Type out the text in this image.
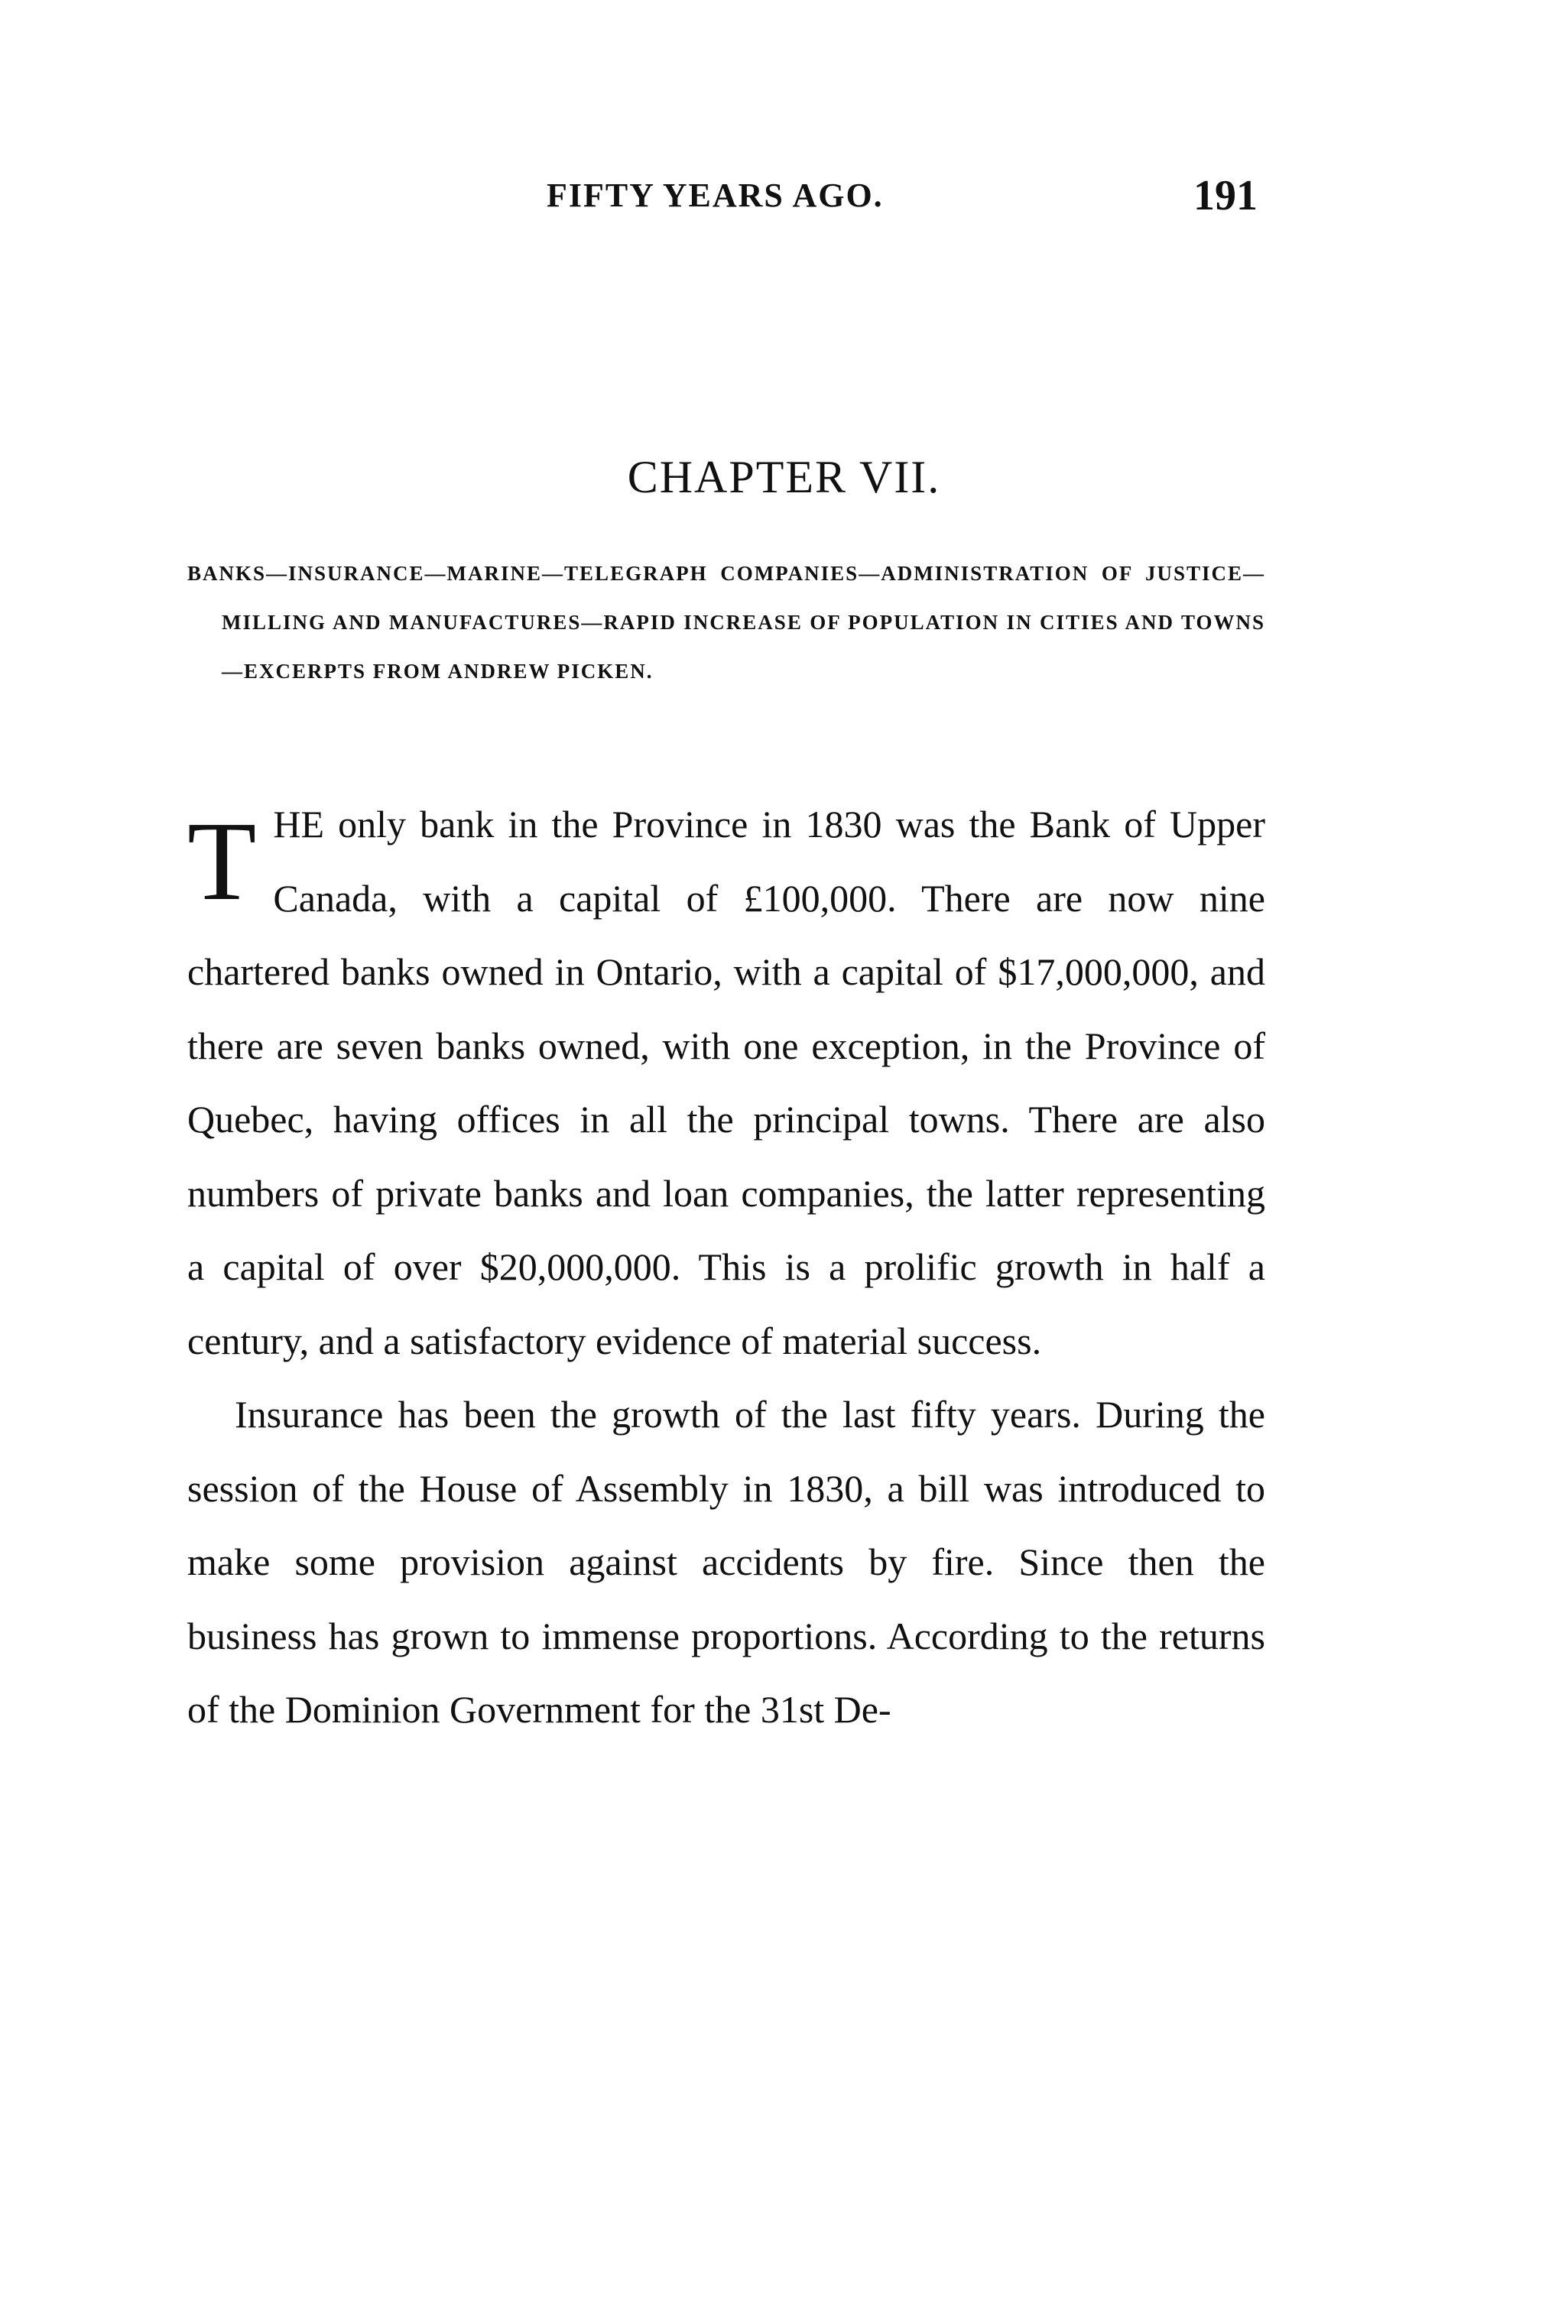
FIFTY YEARS AGO.	191
CHAPTER VII.
BANKS—INSURANCE—MARINE—TELEGRAPH COMPANIES—ADMINISTRATION OF JUSTICE—MILLING AND MANUFACTURES—RAPID INCREASE OF POPULATION IN CITIES AND TOWNS—EXCERPTS FROM ANDREW PICKEN.

THE only bank in the Province in 1830 was the Bank of Upper Canada, with a capital of £100,000. There are now nine chartered banks owned in Ontario, with a capital of $17,000,000, and there are seven banks owned, with one exception, in the Province of Quebec, having offices in all the principal towns. There are also numbers of private banks and loan companies, the latter representing a capital of over $20,000,000. This is a prolific growth in half a century, and a satisfactory evidence of material success.

Insurance has been the growth of the last fifty years. During the session of the House of Assembly in 1830, a bill was introduced to make some provision against accidents by fire. Since then the business has grown to immense proportions. According to the returns of the Dominion Government for the 31st De-
